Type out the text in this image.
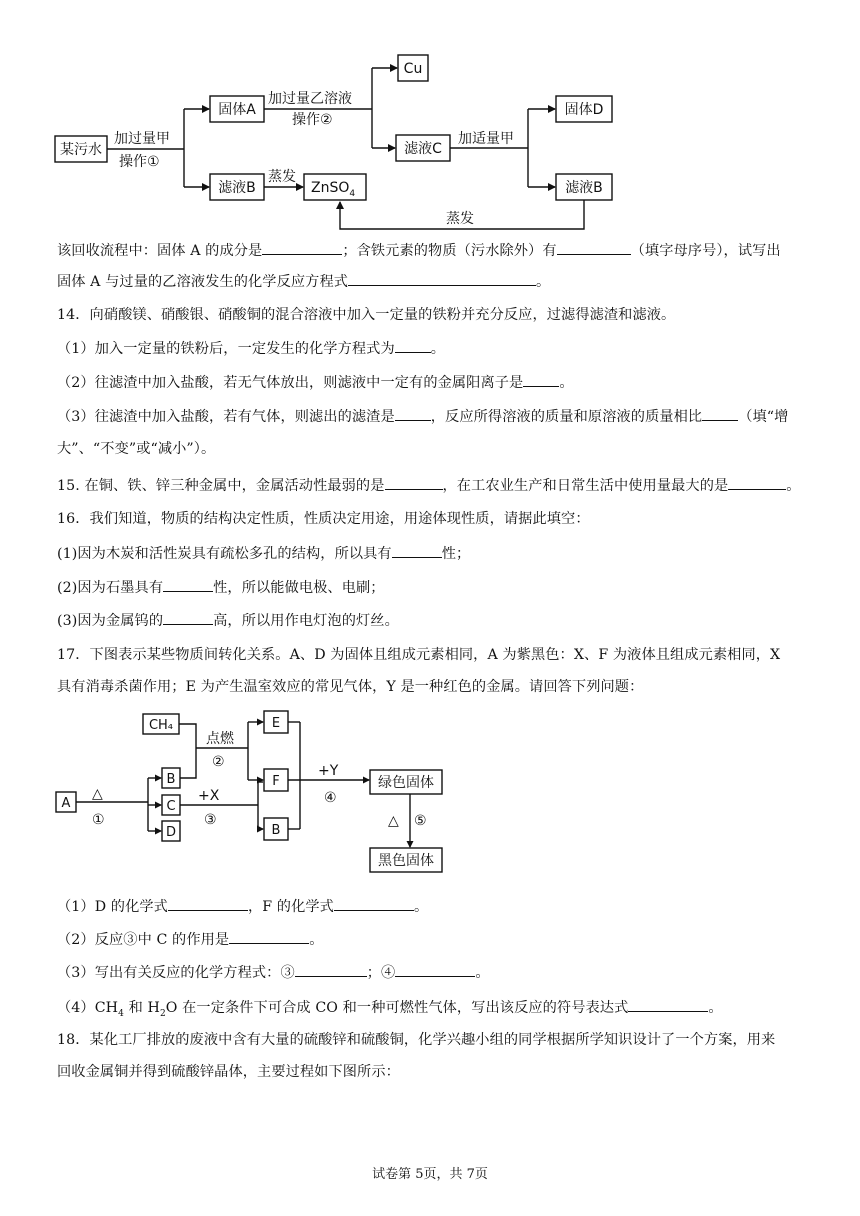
某污水
固体A
滤液B	ZnSO$_4$
Cu
滤液C
固体D
滤液B
加过量甲
操作①
加过量乙溶液
操作②
蒸发
加适量甲
蒸发
该回收流程中：固体 A 的成分是	；含铁元素的物质（污水除外）有	（填字母序号），试写出
固体 A 与过量的乙溶液发生的化学反应方程式	。
14．向硝酸镁、硝酸银、硝酸铜的混合溶液中加入一定量的铁粉并充分反应，过滤得滤渣和滤液。
（1）加入一定量的铁粉后，一定发生的化学方程式为	。
（2）往滤渣中加入盐酸，若无气体放出，则滤液中一定有的金属阳离子是	。
（3）往滤渣中加入盐酸，若有气体，则滤出的滤渣是	，反应所得溶液的质量和原溶液的质量相比	（填“增
大”、“不变”或“减小”）。
15. 在铜、铁、锌三种金属中，金属活动性最弱的是	，在工农业生产和日常生活中使用量最大的是	。
16．我们知道，物质的结构决定性质，性质决定用途，用途体现性质，请据此填空：
(1)因为木炭和活性炭具有疏松多孔的结构，所以具有	性；
(2)因为石墨具有	性，所以能做电极、电刷；
(3)因为金属钨的	高，所以用作电灯泡的灯丝。
17．下图表示某些物质间转化关系。A、D 为固体且组成元素相同，A 为紫黑色：X、F 为液体且组成元素相同，X
具有消毒杀菌作用；E 为产生温室效应的常见气体，Y 是一种红色的金属。请回答下列问题：
A
CH₄
B
C
D
E
F
B
绿色固体
黑色固体
△
①
点燃
②
+X
③
+Y
④
△ ⑤
（1）D 的化学式	，F 的化学式	。
（2）反应③中 C 的作用是	。
（3）写出有关反应的化学方程式：③	；④	。
$(4)CH_4$ 和 $H_2O$ 在一定条件下可合成 CO 和一种可燃性气体，写出该反应的符号表达式	。
18．某化工厂排放的废液中含有大量的硫酸锌和硫酸铜，化学兴趣小组的同学根据所学知识设计了一个方案，用来
回收金属铜并得到硫酸锌晶体，主要过程如下图所示：
试卷第 5页，共 7页
